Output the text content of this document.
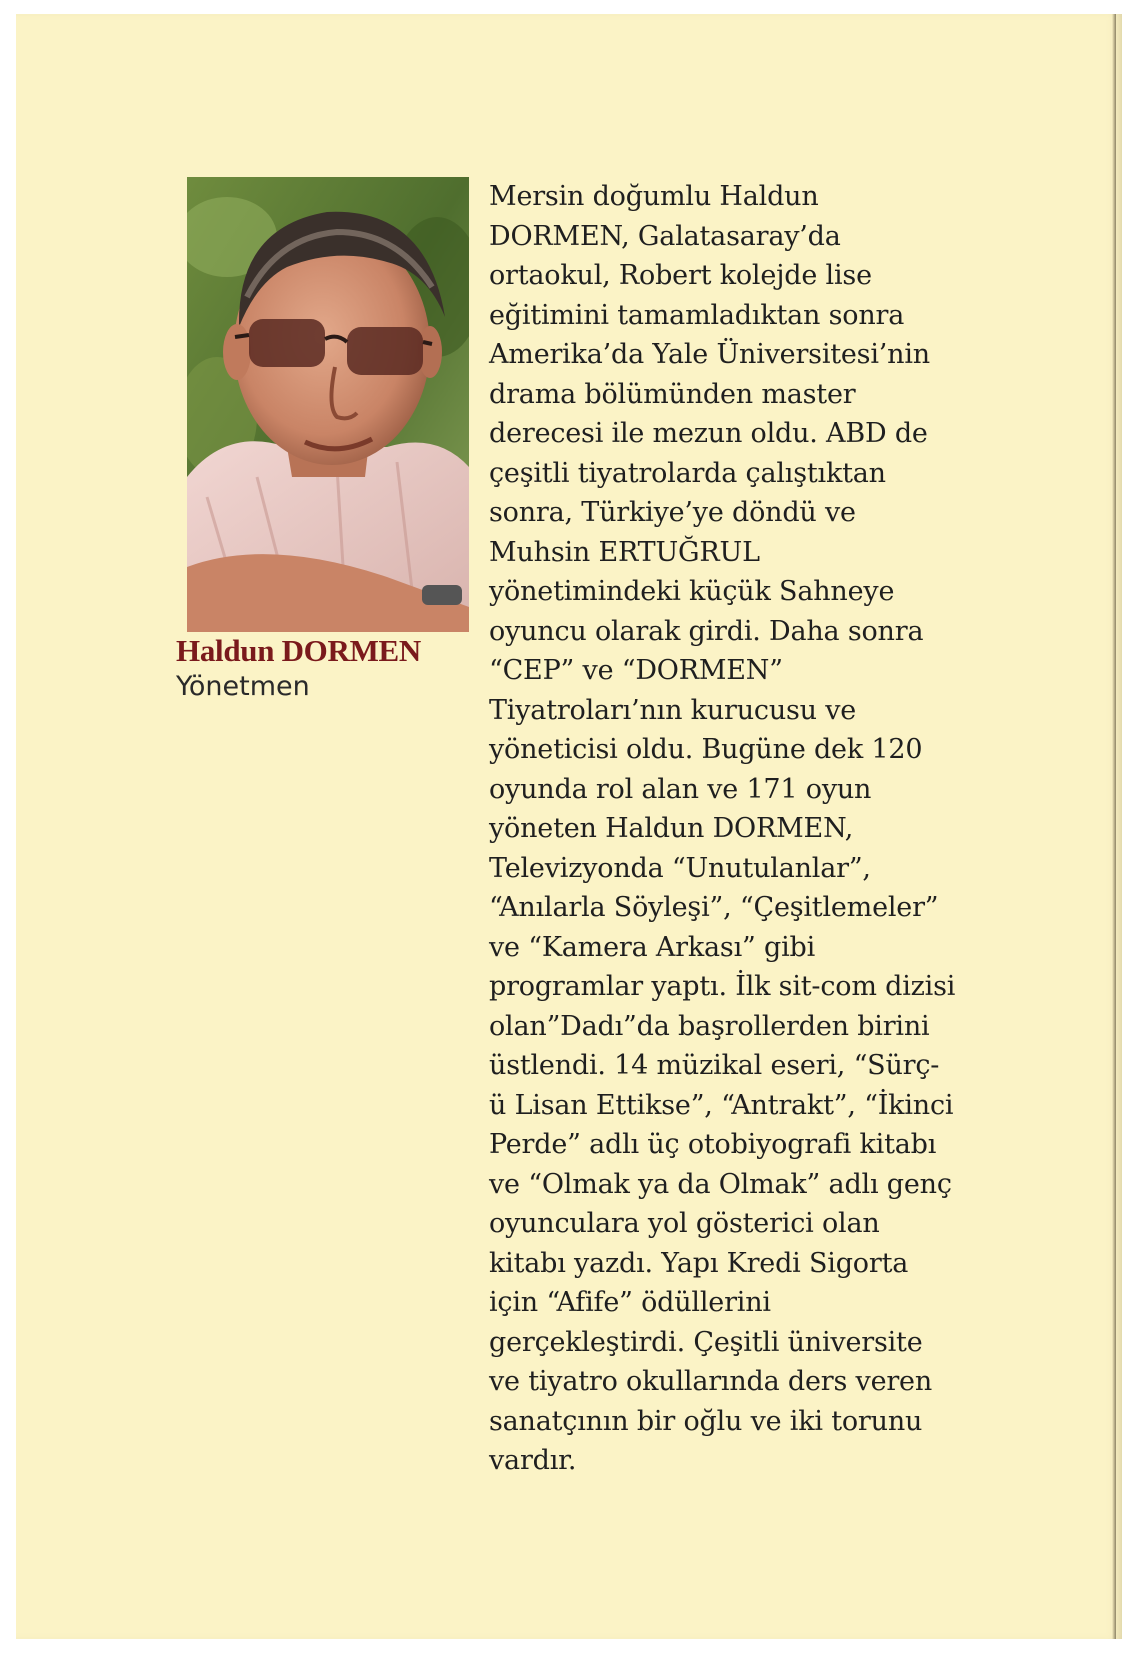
Haldun DORMEN
Yönetmen
Mersin doğumlu Haldun
DORMEN, Galatasaray’da
ortaokul, Robert kolejde lise
eğitimini tamamladıktan sonra
Amerika’da Yale Üniversitesi’nin
drama bölümünden master
derecesi ile mezun oldu. ABD de
çeşitli tiyatrolarda çalıştıktan
sonra, Türkiye’ye döndü ve
Muhsin ERTUĞRUL
yönetimindeki küçük Sahneye
oyuncu olarak girdi. Daha sonra
“CEP” ve “DORMEN”
Tiyatroları’nın kurucusu ve
yöneticisi oldu. Bugüne dek 120
oyunda rol alan ve 171 oyun
yöneten Haldun DORMEN,
Televizyonda “Unutulanlar”,
“Anılarla Söyleşi”, “Çeşitlemeler”
ve “Kamera Arkası” gibi
programlar yaptı. İlk sit-com dizisi
olan”Dadı”da başrollerden birini
üstlendi. 14 müzikal eseri, “Sürç-
ü Lisan Ettikse”, “Antrakt”, “İkinci
Perde” adlı üç otobiyografi kitabı
ve “Olmak ya da Olmak” adlı genç
oyunculara yol gösterici olan
kitabı yazdı. Yapı Kredi Sigorta
için “Afife” ödüllerini
gerçekleştirdi. Çeşitli üniversite
ve tiyatro okullarında ders veren
sanatçının bir oğlu ve iki torunu
vardır.
